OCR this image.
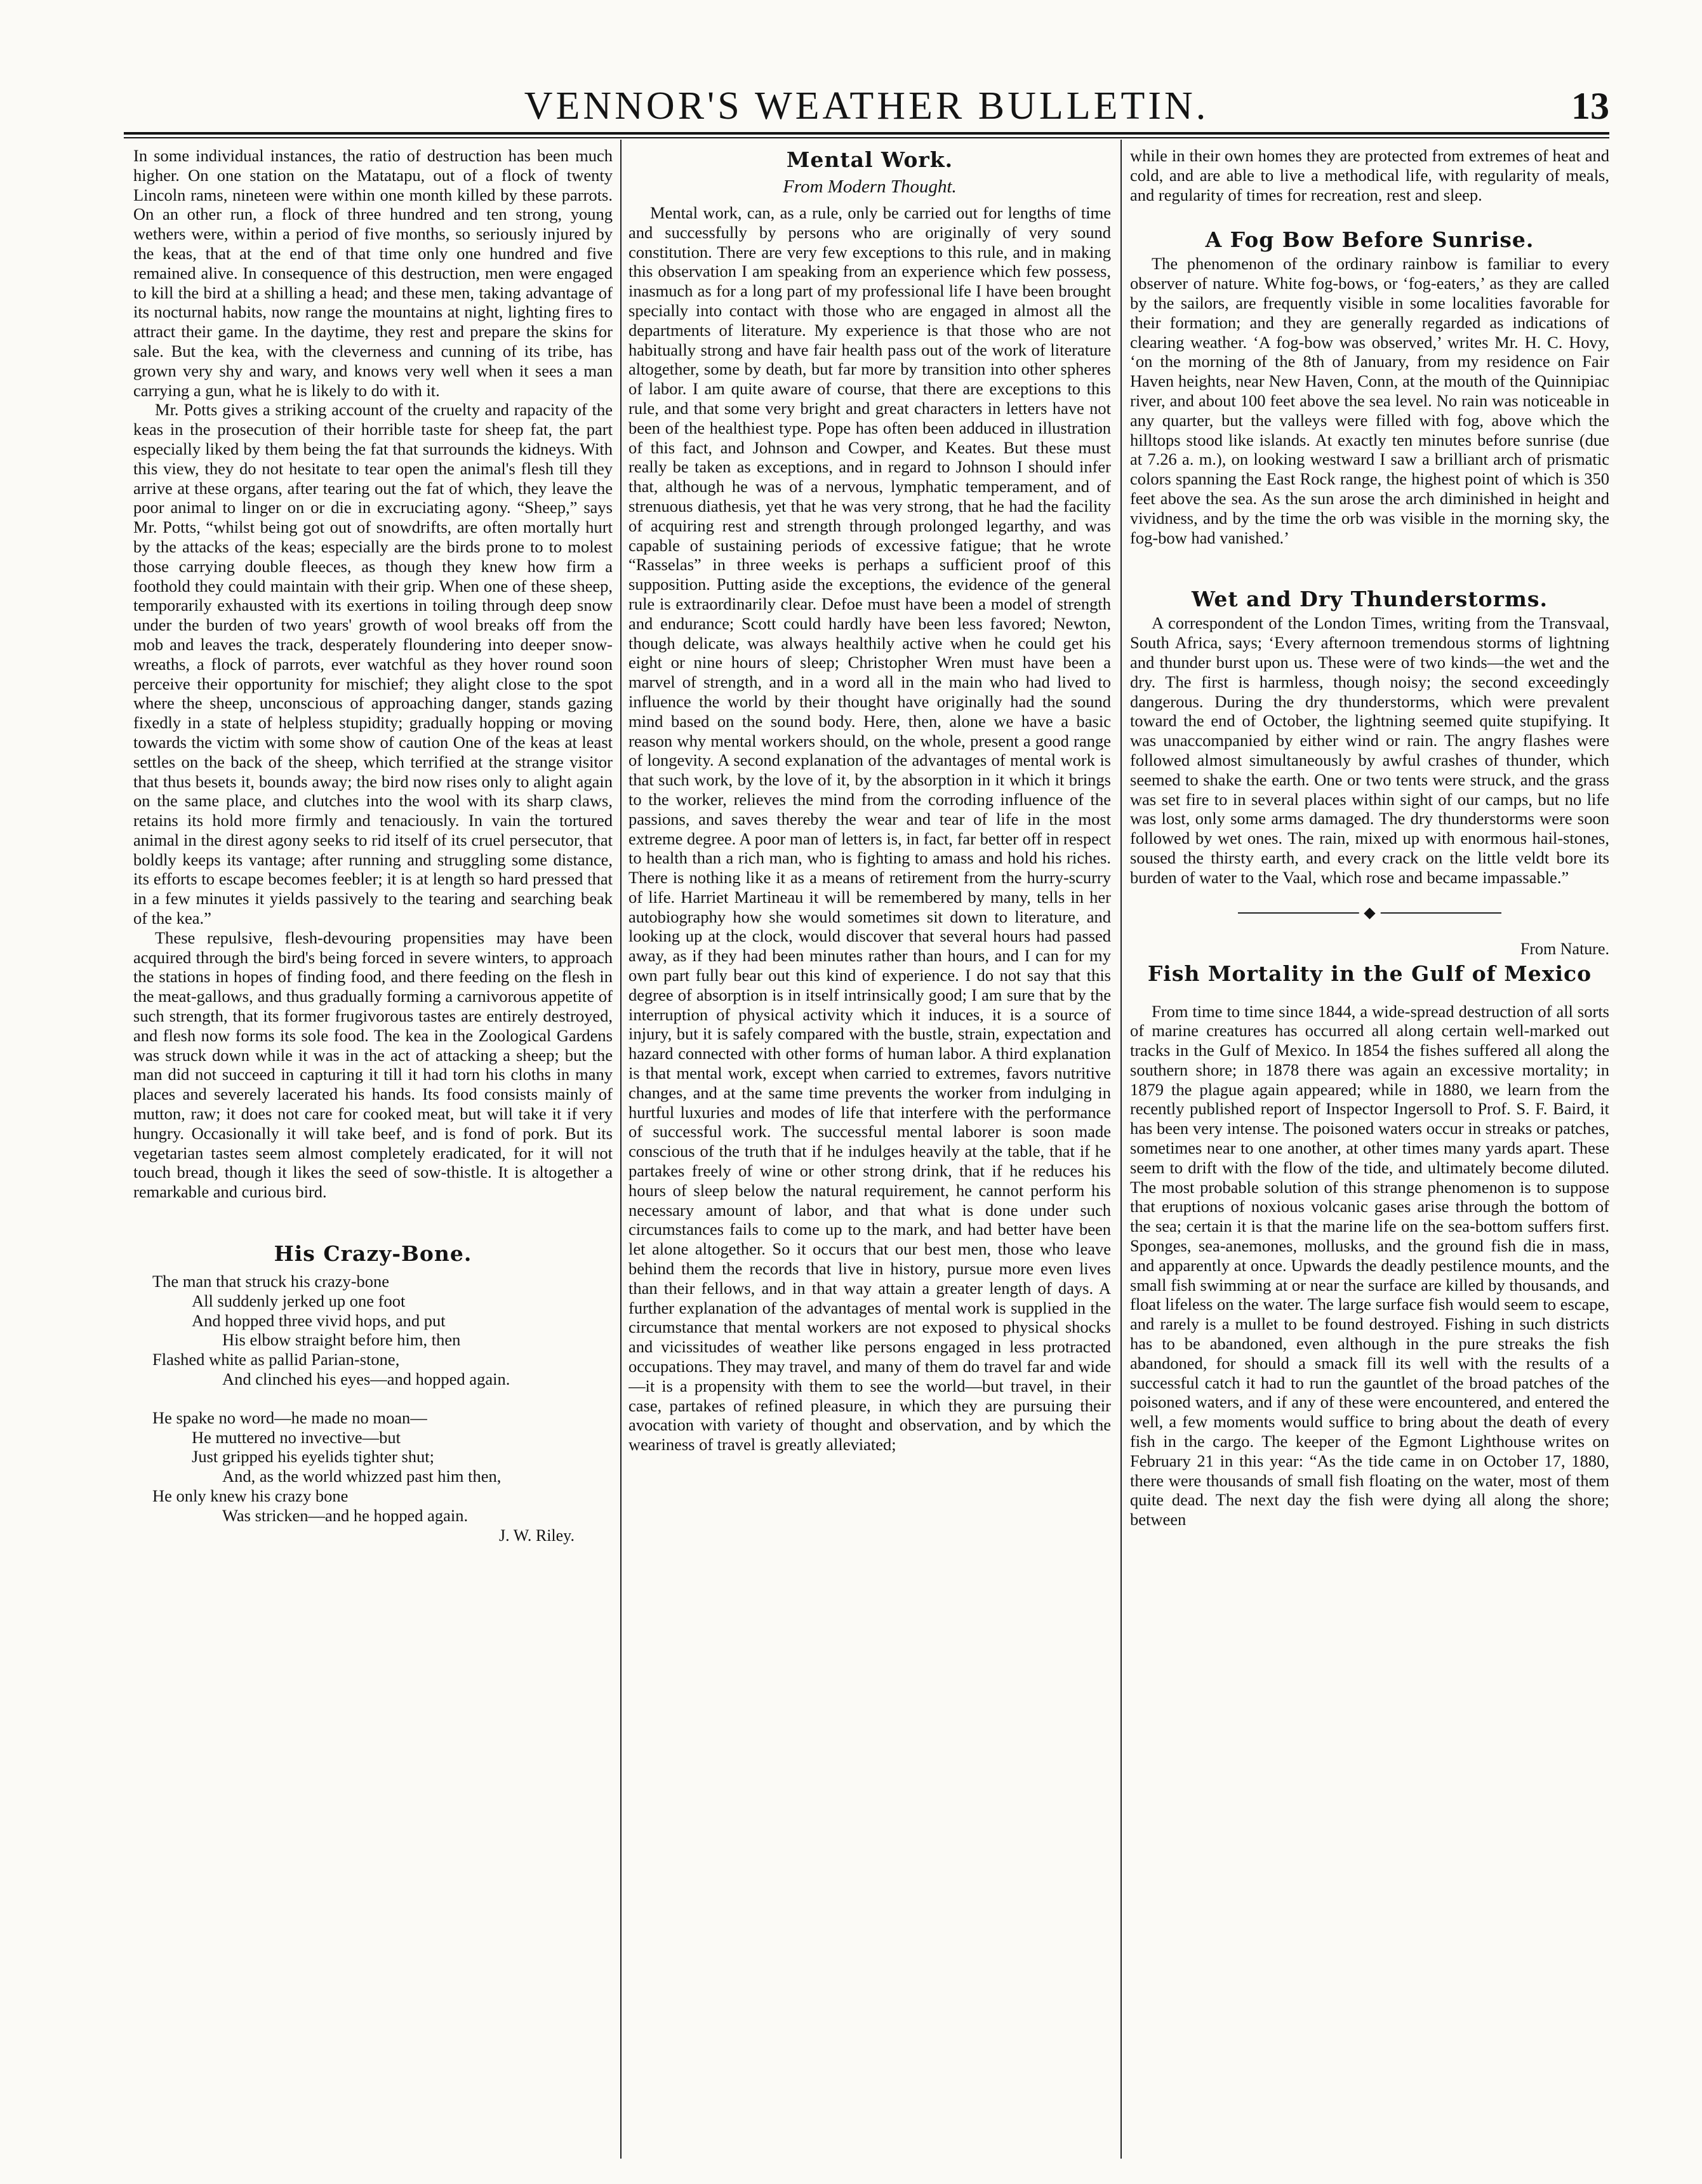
VENNOR'S WEATHER BULLETIN.	13

In some individual instances, the ratio of destruction has been much higher. On one station on the Matatapu, out of a flock of twenty Lincoln rams, nineteen were within one month killed by these parrots. On an other run, a flock of three hundred and ten strong, young wethers were, within a period of five months, so seriously injured by the keas, that at the end of that time only one hundred and five remained alive. In consequence of this destruction, men were engaged to kill the bird at a shilling a head; and these men, taking advantage of its nocturnal habits, now range the mountains at night, lighting fires to attract their game. In the daytime, they rest and prepare the skins for sale. But the kea, with the cleverness and cunning of its tribe, has grown very shy and wary, and knows very well when it sees a man carrying a gun, what he is likely to do with it.

Mr. Potts gives a striking account of the cruelty and rapacity of the keas in the prosecution of their horrible taste for sheep fat, the part especially liked by them being the fat that surrounds the kidneys. With this view, they do not hesitate to tear open the animal's flesh till they arrive at these organs, after tearing out the fat of which, they leave the poor animal to linger on or die in excruciating agony. “Sheep,” says Mr. Potts, “whilst being got out of snowdrifts, are often mortally hurt by the attacks of the keas; especially are the birds prone to to molest those carrying double fleeces, as though they knew how firm a foothold they could maintain with their grip. When one of these sheep, temporarily exhausted with its exertions in toiling through deep snow under the burden of two years' growth of wool breaks off from the mob and leaves the track, desperately floundering into deeper snow-wreaths, a flock of parrots, ever watchful as they hover round soon perceive their opportunity for mischief; they alight close to the spot where the sheep, unconscious of approaching danger, stands gazing fixedly in a state of helpless stupidity; gradually hopping or moving towards the victim with some show of caution One of the keas at least settles on the back of the sheep, which terrified at the strange visitor that thus besets it, bounds away; the bird now rises only to alight again on the same place, and clutches into the wool with its sharp claws, retains its hold more firmly and tenaciously. In vain the tortured animal in the direst agony seeks to rid itself of its cruel persecutor, that boldly keeps its vantage; after running and struggling some distance, its efforts to escape becomes feebler; it is at length so hard pressed that in a few minutes it yields passively to the tearing and searching beak of the kea.”

These repulsive, flesh-devouring propensities may have been acquired through the bird's being forced in severe winters, to approach the stations in hopes of finding food, and there feeding on the flesh in the meat-gallows, and thus gradually forming a carnivorous appetite of such strength, that its former frugivorous tastes are entirely destroyed, and flesh now forms its sole food. The kea in the Zoological Gardens was struck down while it was in the act of attacking a sheep; but the man did not succeed in capturing it till it had torn his cloths in many places and severely lacerated his hands. Its food consists mainly of mutton, raw; it does not care for cooked meat, but will take it if very hungry. Occasionally it will take beef, and is fond of pork. But its vegetarian tastes seem almost completely eradicated, for it will not touch bread, though it likes the seed of sow-thistle. It is altogether a remarkable and curious bird.

His Crazy-Bone.
The man that struck his crazy-bone
All suddenly jerked up one foot
And hopped three vivid hops, and put
His elbow straight before him, then
Flashed white as pallid Parian-stone,
And clinched his eyes—and hopped again.
He spake no word—he made no moan—
He muttered no invective—but
Just gripped his eyelids tighter shut;
And, as the world whizzed past him then,
He only knew his crazy bone
Was stricken—and he hopped again.
J. W. Riley.
Mental Work.
From Modern Thought.

Mental work, can, as a rule, only be carried out for lengths of time and successfully by persons who are originally of very sound constitution. There are very few exceptions to this rule, and in making this observation I am speaking from an experience which few possess, inasmuch as for a long part of my professional life I have been brought specially into contact with those who are engaged in almost all the departments of literature. My experience is that those who are not habitually strong and have fair health pass out of the work of literature altogether, some by death, but far more by transition into other spheres of labor. I am quite aware of course, that there are exceptions to this rule, and that some very bright and great characters in letters have not been of the healthiest type. Pope has often been adduced in illustration of this fact, and Johnson and Cowper, and Keates. But these must really be taken as exceptions, and in regard to Johnson I should infer that, although he was of a nervous, lymphatic temperament, and of strenuous diathesis, yet that he was very strong, that he had the facility of acquiring rest and strength through prolonged legarthy, and was capable of sustaining periods of excessive fatigue; that he wrote “Rasselas” in three weeks is perhaps a sufficient proof of this supposition. Putting aside the exceptions, the evidence of the general rule is extraordinarily clear. Defoe must have been a model of strength and endurance; Scott could hardly have been less favored; Newton, though delicate, was always healthily active when he could get his eight or nine hours of sleep; Christopher Wren must have been a marvel of strength, and in a word all in the main who had lived to influence the world by their thought have originally had the sound mind based on the sound body. Here, then, alone we have a basic reason why mental workers should, on the whole, present a good range of longevity. A second explanation of the advantages of mental work is that such work, by the love of it, by the absorption in it which it brings to the worker, relieves the mind from the corroding influence of the passions, and saves thereby the wear and tear of life in the most extreme degree. A poor man of letters is, in fact, far better off in respect to health than a rich man, who is fighting to amass and hold his riches. There is nothing like it as a means of retirement from the hurry-scurry of life. Harriet Martineau it will be remembered by many, tells in her autobiography how she would sometimes sit down to literature, and looking up at the clock, would discover that several hours had passed away, as if they had been minutes rather than hours, and I can for my own part fully bear out this kind of experience. I do not say that this degree of absorption is in itself intrinsically good; I am sure that by the interruption of physical activity which it induces, it is a source of injury, but it is safely compared with the bustle, strain, expectation and hazard connected with other forms of human labor. A third explanation is that mental work, except when carried to extremes, favors nutritive changes, and at the same time prevents the worker from indulging in hurtful luxuries and modes of life that interfere with the performance of successful work. The successful mental laborer is soon made conscious of the truth that if he indulges heavily at the table, that if he partakes freely of wine or other strong drink, that if he reduces his hours of sleep below the natural requirement, he cannot perform his necessary amount of labor, and that what is done under such circumstances fails to come up to the mark, and had better have been let alone altogether. So it occurs that our best men, those who leave behind them the records that live in history, pursue more even lives than their fellows, and in that way attain a greater length of days. A further explanation of the advantages of mental work is supplied in the circumstance that mental workers are not exposed to physical shocks and vicissitudes of weather like persons engaged in less protracted occupations. They may travel, and many of them do travel far and wide—it is a propensity with them to see the world—but travel, in their case, partakes of refined pleasure, in which they are pursuing their avocation with variety of thought and observation, and by which the weariness of travel is greatly alleviated;

while in their own homes they are protected from extremes of heat and cold, and are able to live a methodical life, with regularity of meals, and regularity of times for recreation, rest and sleep.

A Fog Bow Before Sunrise.

The phenomenon of the ordinary rainbow is familiar to every observer of nature. White fog-bows, or ‘fog-eaters,’ as they are called by the sailors, are frequently visible in some localities favorable for their formation; and they are generally regarded as indications of clearing weather. ‘A fog-bow was observed,’ writes Mr. H. C. Hovy, ‘on the morning of the 8th of January, from my residence on Fair Haven heights, near New Haven, Conn, at the mouth of the Quinnipiac river, and about 100 feet above the sea level. No rain was noticeable in any quarter, but the valleys were filled with fog, above which the hilltops stood like islands. At exactly ten minutes before sunrise (due at 7.26 a. m.), on looking westward I saw a brilliant arch of prismatic colors spanning the East Rock range, the highest point of which is 350 feet above the sea. As the sun arose the arch diminished in height and vividness, and by the time the orb was visible in the morning sky, the fog-bow had vanished.’

Wet and Dry Thunderstorms.

A correspondent of the London Times, writing from the Transvaal, South Africa, says; ‘Every afternoon tremendous storms of lightning and thunder burst upon us. These were of two kinds—the wet and the dry. The first is harmless, though noisy; the second exceedingly dangerous. During the dry thunderstorms, which were prevalent toward the end of October, the lightning seemed quite stupifying. It was unaccompanied by either wind or rain. The angry flashes were followed almost simultaneously by awful crashes of thunder, which seemed to shake the earth. One or two tents were struck, and the grass was set fire to in several places within sight of our camps, but no life was lost, only some arms damaged. The dry thunderstorms were soon followed by wet ones. The rain, mixed up with enormous hail-stones, soused the thirsty earth, and every crack on the little veldt bore its burden of water to the Vaal, which rose and became impassable.”

◆
From Nature.
Fish Mortality in the Gulf of Mexico

From time to time since 1844, a wide-spread destruction of all sorts of marine creatures has occurred all along certain well-marked out tracks in the Gulf of Mexico. In 1854 the fishes suffered all along the southern shore; in 1878 there was again an excessive mortality; in 1879 the plague again appeared; while in 1880, we learn from the recently published report of Inspector Ingersoll to Prof. S. F. Baird, it has been very intense. The poisoned waters occur in streaks or patches, sometimes near to one another, at other times many yards apart. These seem to drift with the flow of the tide, and ultimately become diluted. The most probable solution of this strange phenomenon is to suppose that eruptions of noxious volcanic gases arise through the bottom of the sea; certain it is that the marine life on the sea-bottom suffers first. Sponges, sea-anemones, mollusks, and the ground fish die in mass, and apparently at once. Upwards the deadly pestilence mounts, and the small fish swimming at or near the surface are killed by thousands, and float lifeless on the water. The large surface fish would seem to escape, and rarely is a mullet to be found destroyed. Fishing in such districts has to be abandoned, even although in the pure streaks the fish abandoned, for should a smack fill its well with the results of a successful catch it had to run the gauntlet of the broad patches of the poisoned waters, and if any of these were encountered, and entered the well, a few moments would suffice to bring about the death of every fish in the cargo. The keeper of the Egmont Lighthouse writes on February 21 in this year: “As the tide came in on October 17, 1880, there were thousands of small fish floating on the water, most of them quite dead. The next day the fish were dying all along the shore; between
